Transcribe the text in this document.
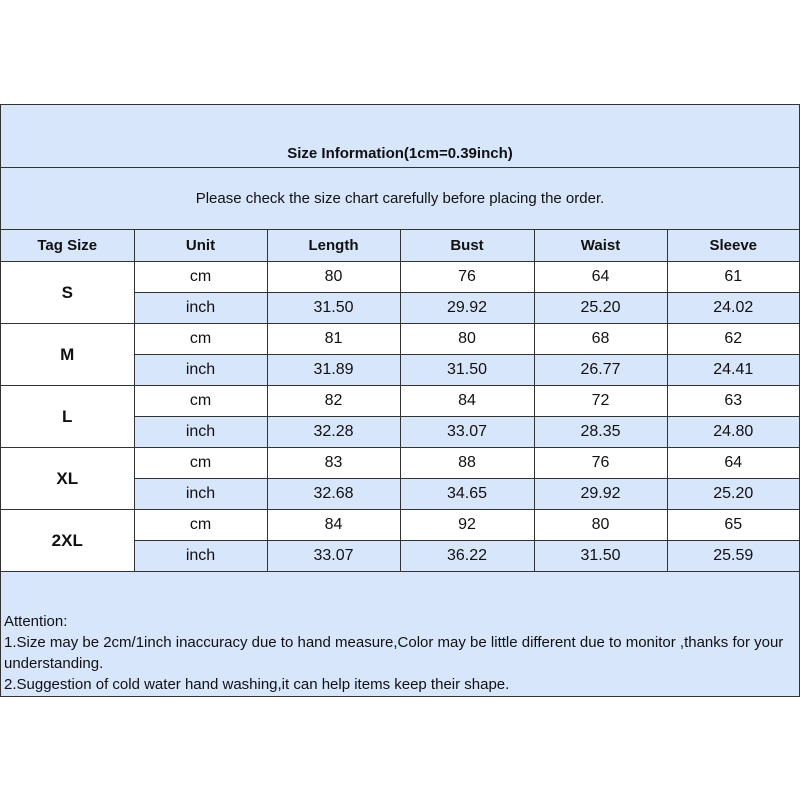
Size Information(1cm=0.39inch)
Please check the size chart carefully before placing the order.
Tag Size	Unit	Length	Bust	Waist	Sleeve
S	cm	80	76	64	61
	inch	31.50	29.92	25.20	24.02
M	cm	81	80	68	62
	inch	31.89	31.50	26.77	24.41
L	cm	82	84	72	63
	inch	32.28	33.07	28.35	24.80
XL	cm	83	88	76	64
	inch	32.68	34.65	29.92	25.20
2XL	cm	84	92	80	65
	inch	33.07	36.22	31.50	25.59
Attention:
1.Size may be 2cm/1inch inaccuracy due to hand measure,Color may be little different due to monitor ,thanks for your understanding.
2.Suggestion of cold water hand washing,it can help items keep their shape.
